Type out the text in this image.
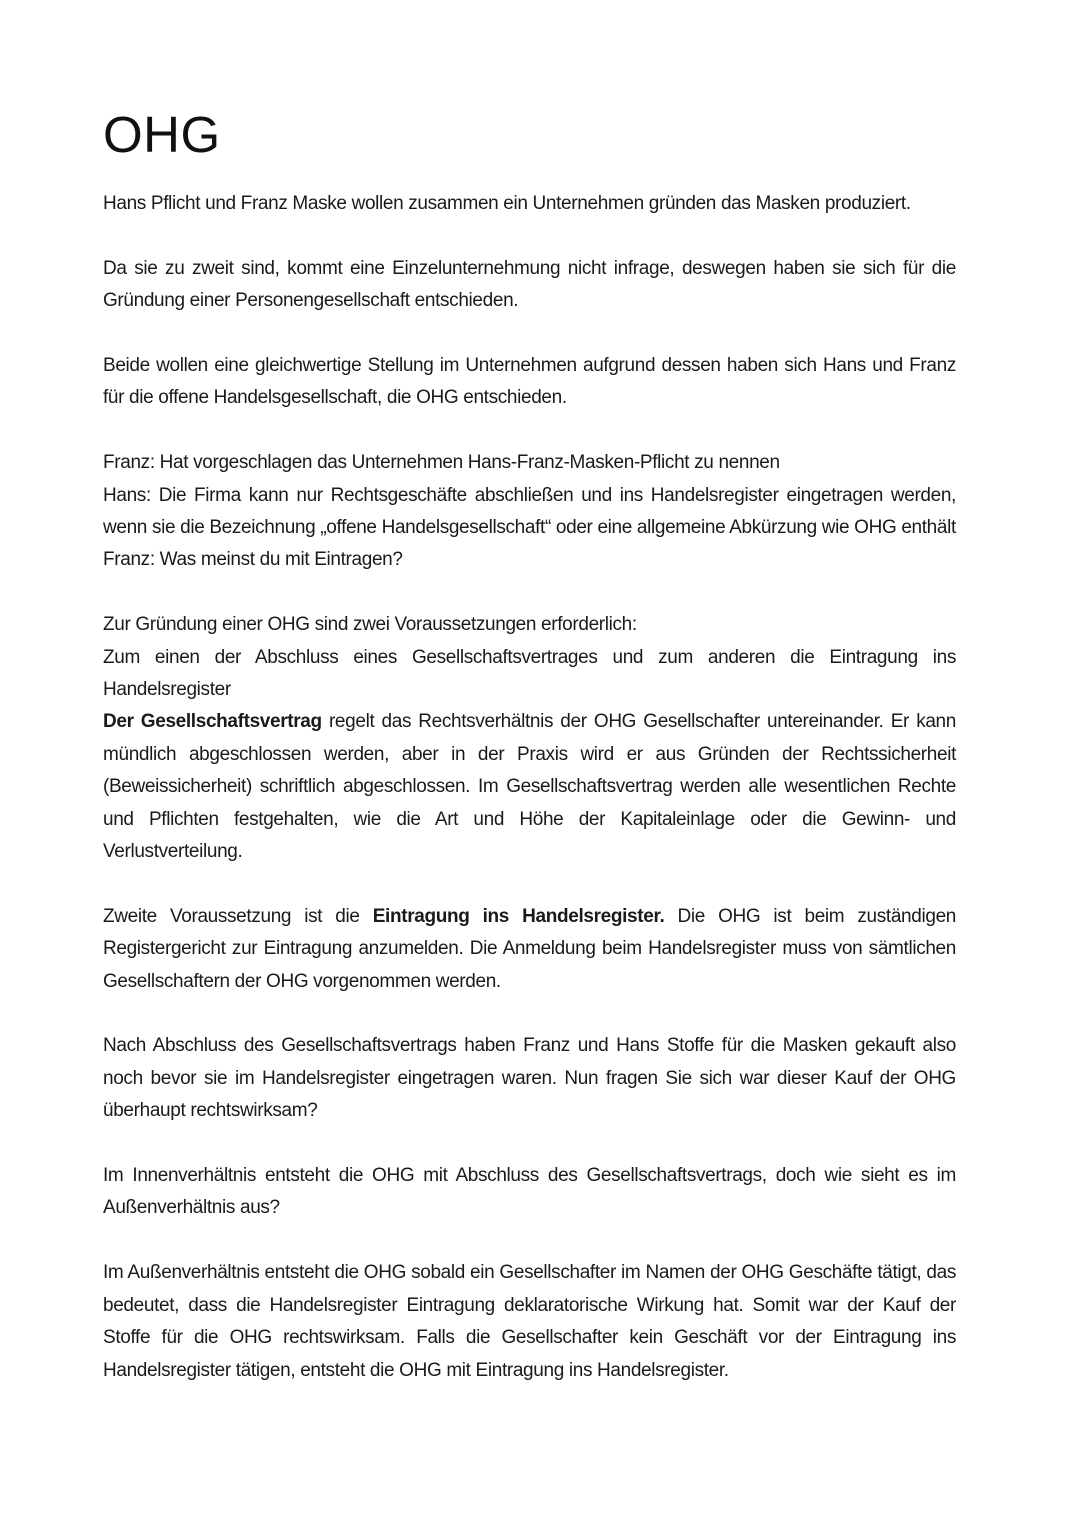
OHG

Hans Pflicht und Franz Maske wollen zusammen ein Unternehmen gründen das Masken produziert.

Da sie zu zweit sind, kommt eine Einzelunternehmung nicht infrage, deswegen haben sie sich für die Gründung einer Personengesellschaft entschieden.

Beide wollen eine gleichwertige Stellung im Unternehmen aufgrund dessen haben sich Hans und Franz für die offene Handelsgesellschaft, die OHG entschieden.

Franz: Hat vorgeschlagen das Unternehmen Hans-Franz-Masken-Pflicht zu nennen

Hans: Die Firma kann nur Rechtsgeschäfte abschließen und ins Handelsregister eingetragen werden, wenn sie die Bezeichnung „offene Handelsgesellschaft“ oder eine allgemeine Abkürzung wie OHG enthält

Franz: Was meinst du mit Eintragen?

Zur Gründung einer OHG sind zwei Voraussetzungen erforderlich:

Zum einen der Abschluss eines Gesellschaftsvertrages und zum anderen die Eintragung ins Handelsregister

Der Gesellschaftsvertrag regelt das Rechtsverhältnis der OHG Gesellschafter untereinander. Er kann mündlich abgeschlossen werden, aber in der Praxis wird er aus Gründen der Rechtssicherheit (Beweissicherheit) schriftlich abgeschlossen. Im Gesellschaftsvertrag werden alle wesentlichen Rechte und Pflichten festgehalten, wie die Art und Höhe der Kapitaleinlage oder die Gewinn- und Verlustverteilung.

Zweite Voraussetzung ist die Eintragung ins Handelsregister. Die OHG ist beim zuständigen Registergericht zur Eintragung anzumelden. Die Anmeldung beim Handelsregister muss von sämtlichen Gesellschaftern der OHG vorgenommen werden.

Nach Abschluss des Gesellschaftsvertrags haben Franz und Hans Stoffe für die Masken gekauft also noch bevor sie im Handelsregister eingetragen waren. Nun fragen Sie sich war dieser Kauf der OHG überhaupt rechtswirksam?

Im Innenverhältnis entsteht die OHG mit Abschluss des Gesellschaftsvertrags, doch wie sieht es im Außenverhältnis aus?

Im Außenverhältnis entsteht die OHG sobald ein Gesellschafter im Namen der OHG Geschäfte tätigt, das bedeutet, dass die Handelsregister Eintragung deklaratorische Wirkung hat. Somit war der Kauf der Stoffe für die OHG rechtswirksam. Falls die Gesellschafter kein Geschäft vor der Eintragung ins Handelsregister tätigen, entsteht die OHG mit Eintragung ins Handelsregister.
